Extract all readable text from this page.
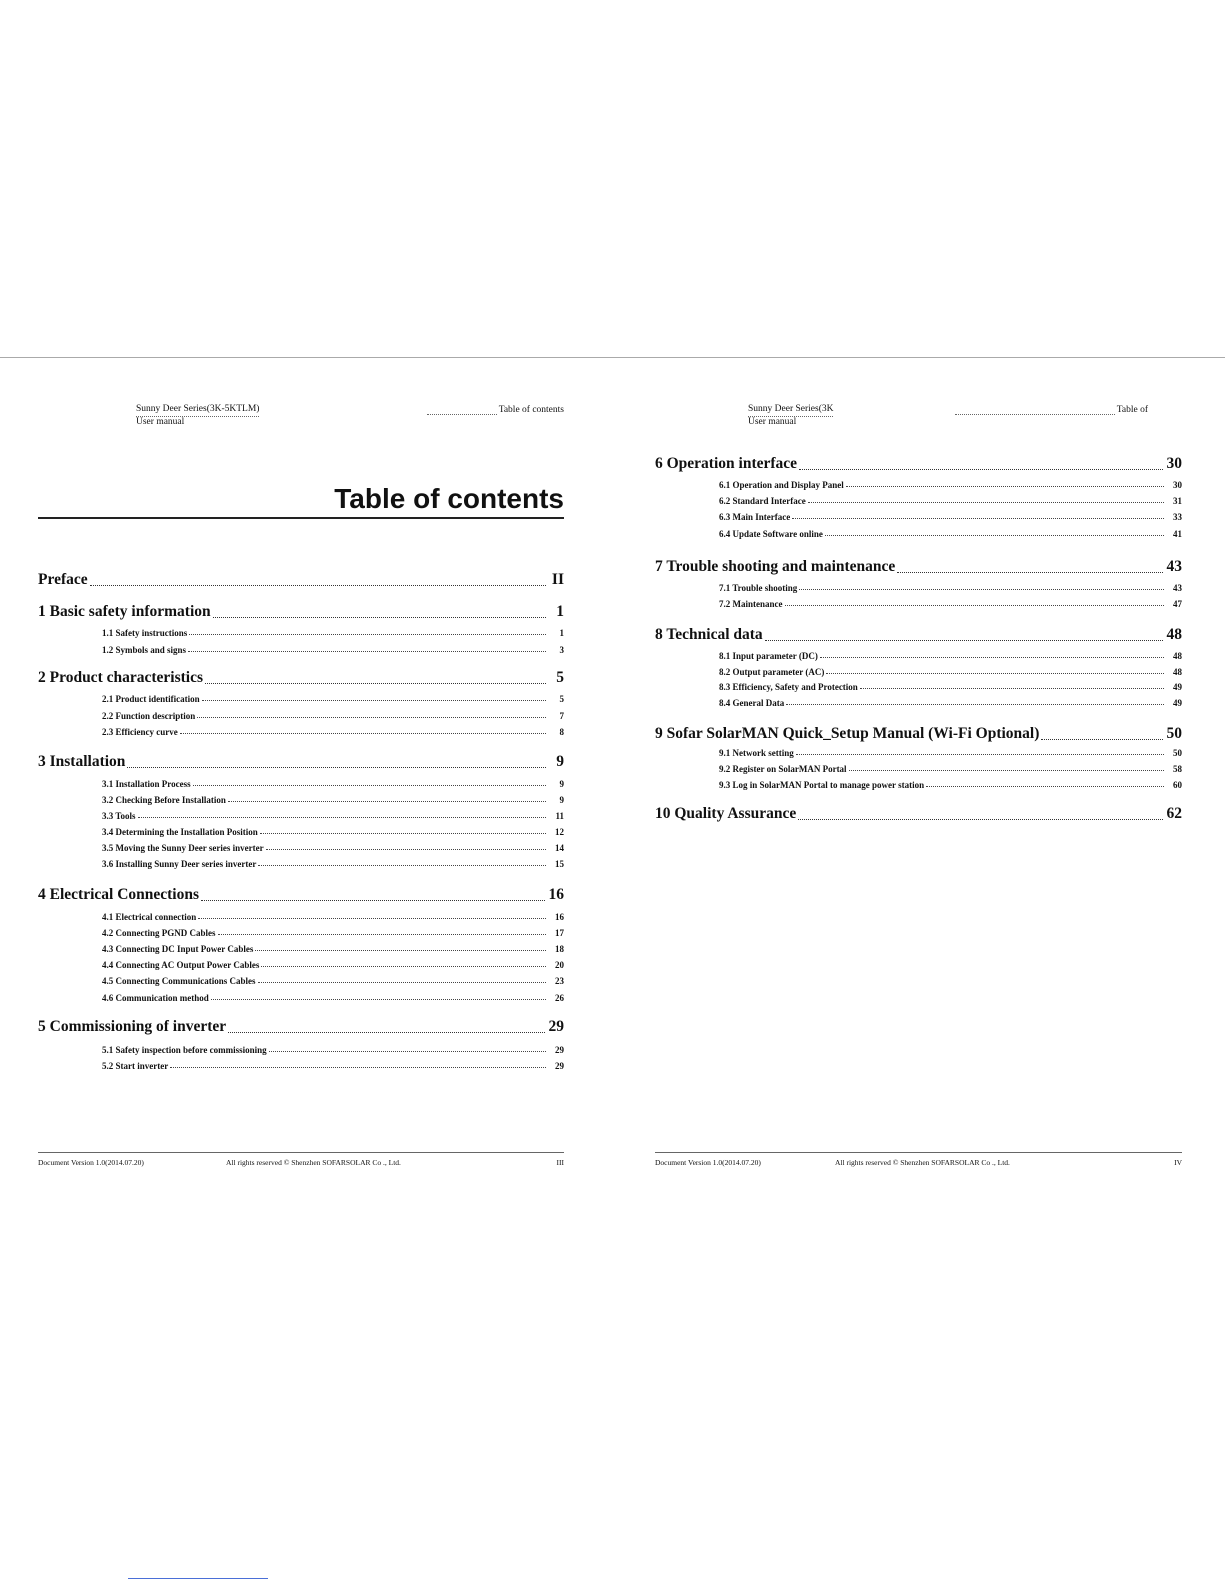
Sunny Deer Series(3K-5KTLM)
User manual
Table of contents
Table of contents
Preface	II
1 Basic safety information	1
1.1 Safety instructions	1
1.2 Symbols and signs	3
2 Product characteristics	5
2.1 Product identification	5
2.2 Function description	7
2.3 Efficiency curve	8
3 Installation	9
3.1 Installation Process	9
3.2 Checking Before Installation	9
3.3 Tools	11
3.4 Determining the Installation Position	12
3.5 Moving the Sunny Deer series inverter	14
3.6 Installing Sunny Deer series inverter	15
4 Electrical Connections	16
4.1 Electrical connection	16
4.2 Connecting PGND Cables	17
4.3 Connecting DC Input Power Cables	18
4.4 Connecting AC Output Power Cables	20
4.5 Connecting Communications Cables	23
4.6 Communication method	26
5 Commissioning of inverter	29
5.1 Safety inspection before commissioning	29
5.2 Start inverter	29
Document Version 1.0(2014.07.20)	All rights reserved © Shenzhen SOFARSOLAR Co ., Ltd.	III
Sunny Deer Series(3K
User manual
Table of
6 Operation interface	30
6.1 Operation and Display Panel	30
6.2 Standard Interface	31
6.3 Main Interface	33
6.4 Update Software online	41
7 Trouble shooting and maintenance	43
7.1 Trouble shooting	43
7.2 Maintenance	47
8 Technical data	48
8.1 Input parameter (DC)	48
8.2 Output parameter (AC)	48
8.3 Efficiency, Safety and Protection	49
8.4 General Data	49
9 Sofar SolarMAN Quick_Setup Manual (Wi-Fi Optional)	50
9.1 Network setting	50
9.2 Register on SolarMAN Portal	58
9.3 Log in SolarMAN Portal to manage power station	60
10 Quality Assurance	62
Document Version 1.0(2014.07.20)	All rights reserved © Shenzhen SOFARSOLAR Co ., Ltd.	IV
